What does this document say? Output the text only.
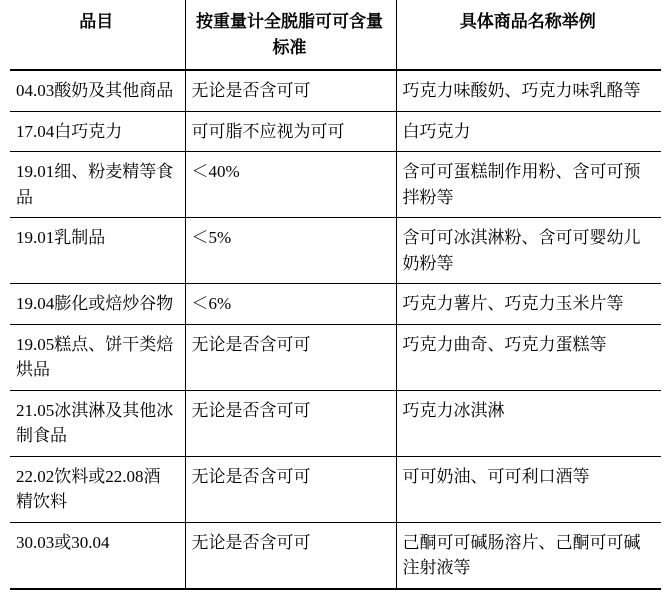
品目	按重量计全脱脂可可含量标准	具体商品名称举例

04.03酸奶及其他商品	无论是否含可可	巧克力味酸奶、巧克力味乳酪等

17.04白巧克力	可可脂不应视为可可	白巧克力

19.01细、粉麦精等食品	＜40%	含可可蛋糕制作用粉、含可可预拌粉等

19.01乳制品	＜5%	含可可冰淇淋粉、含可可婴幼儿奶粉等

19.04膨化或焙炒谷物	＜6%	巧克力薯片、巧克力玉米片等

19.05糕点、饼干类焙烘品	无论是否含可可	巧克力曲奇、巧克力蛋糕等

21.05冰淇淋及其他冰制食品	无论是否含可可	巧克力冰淇淋

22.02饮料或22.08酒精饮料	无论是否含可可	可可奶油、可可利口酒等

30.03或30.04	无论是否含可可	己酮可可碱肠溶片、己酮可可碱注射液等
